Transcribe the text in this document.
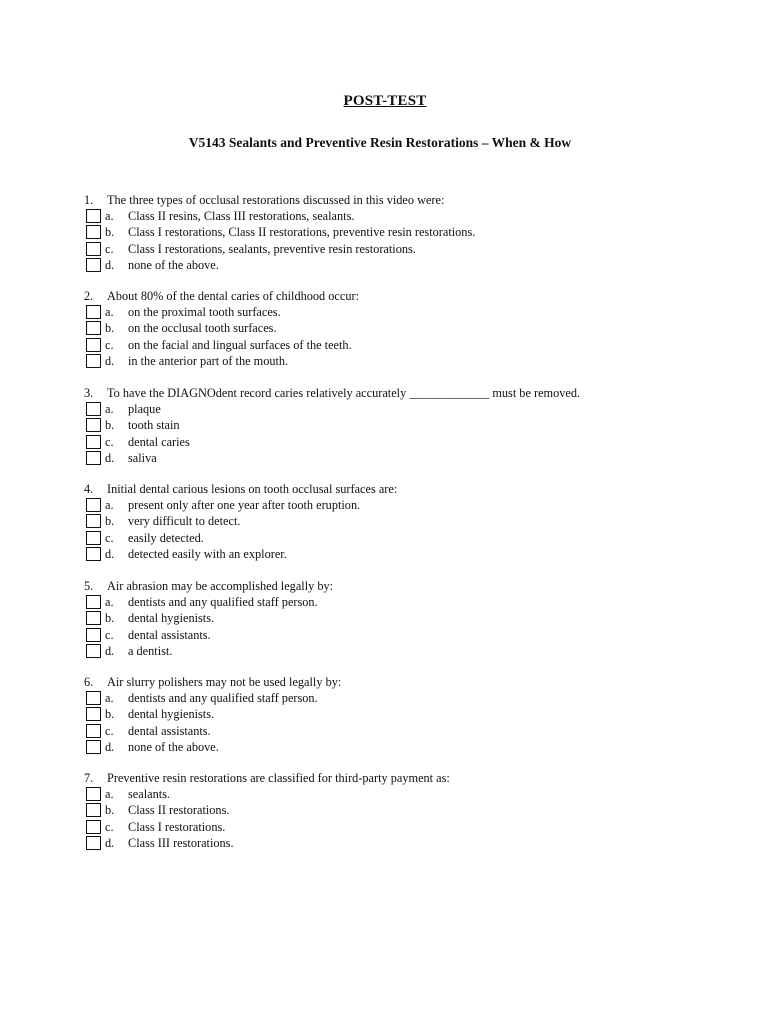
POST-TEST
V5143 Sealants and Preventive Resin Restorations – When & How
1.	The three types of occlusal restorations discussed in this video were:
a.	Class II resins, Class III restorations, sealants.
b.	Class I restorations, Class II restorations, preventive resin restorations.
c.	Class I restorations, sealants, preventive resin restorations.
d.	none of the above.
2.	About 80% of the dental caries of childhood occur:
a.	on the proximal tooth surfaces.
b.	on the occlusal tooth surfaces.
c.	on the facial and lingual surfaces of the teeth.
d.	in the anterior part of the mouth.
3.	To have the DIAGNOdent record caries relatively accurately _____________ must be removed.
a.	plaque
b.	tooth stain
c.	dental caries
d.	saliva
4.	Initial dental carious lesions on tooth occlusal surfaces are:
a.	present only after one year after tooth eruption.
b.	very difficult to detect.
c.	easily detected.
d.	detected easily with an explorer.
5.	Air abrasion may be accomplished legally by:
a.	dentists and any qualified staff person.
b.	dental hygienists.
c.	dental assistants.
d.	a dentist.
6.	Air slurry polishers may not be used legally by:
a.	dentists and any qualified staff person.
b.	dental hygienists.
c.	dental assistants.
d.	none of the above.
7.	Preventive resin restorations are classified for third-party payment as:
a.	sealants.
b.	Class II restorations.
c.	Class I restorations.
d.	Class III restorations.
